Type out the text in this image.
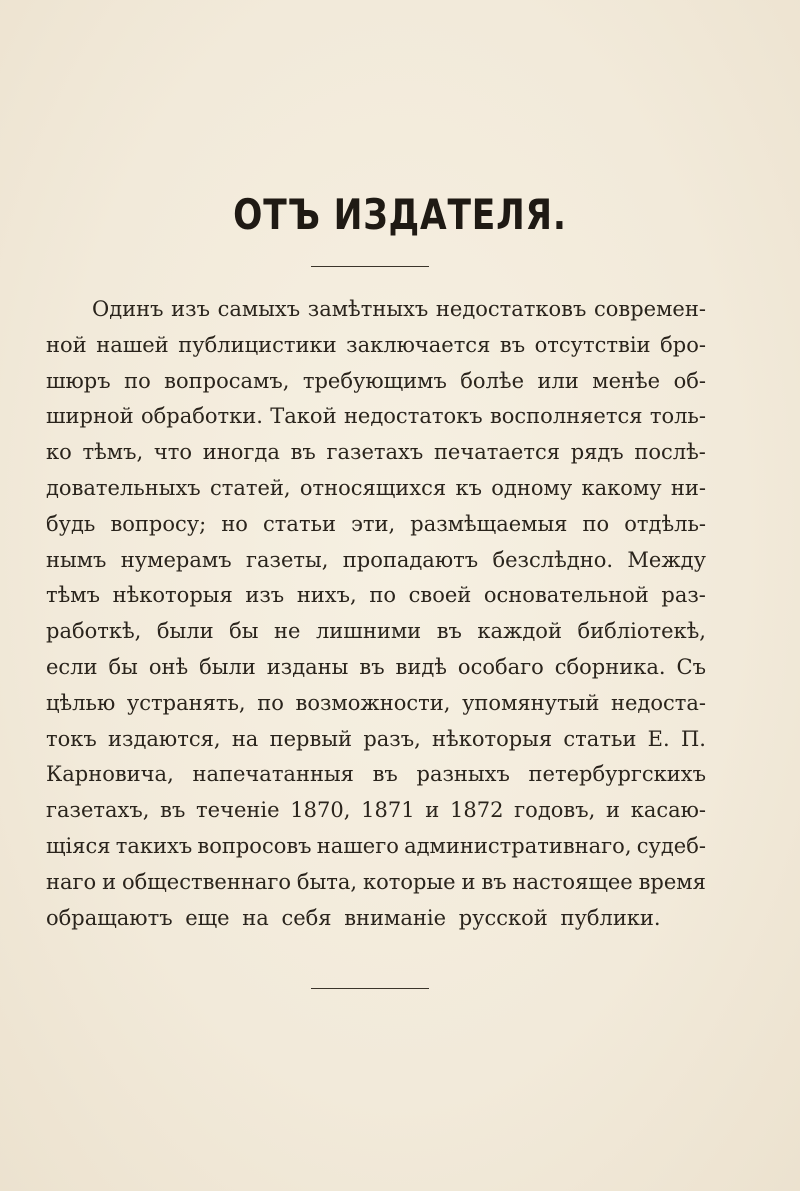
ОТЪ ИЗДАТЕЛЯ.
Одинъ изъ самыхъ замѣтныхъ недостатковъ современ-
ной нашей публицистики заключается въ отсутствіи бро-
шюръ по вопросамъ, требующимъ болѣе или менѣе об-
ширной обработки. Такой недостатокъ восполняется толь-
ко тѣмъ, что иногда въ газетахъ печатается рядъ послѣ-
довательныхъ статей, относящихся къ одному какому ни-
будь вопросу; но статьи эти, размѣщаемыя по отдѣль-
нымъ нумерамъ газеты, пропадаютъ безслѣдно. Между
тѣмъ нѣкоторыя изъ нихъ, по своей основательной раз-
работкѣ, были бы не лишними въ каждой библіотекѣ,
если бы онѣ были изданы въ видѣ особаго сборника. Съ
цѣлью устранять, по возможности, упомянутый недоста-
токъ издаются, на первый разъ, нѣкоторыя статьи Е. П.
Карновича, напечатанныя въ разныхъ петербургскихъ
газетахъ, въ теченіе 1870, 1871 и 1872 годовъ, и касаю-
щіяся такихъ вопросовъ нашего административнаго, судеб-
наго и общественнаго быта, которые и въ настоящее время
обращаютъ еще на себя вниманіе русской публики.
